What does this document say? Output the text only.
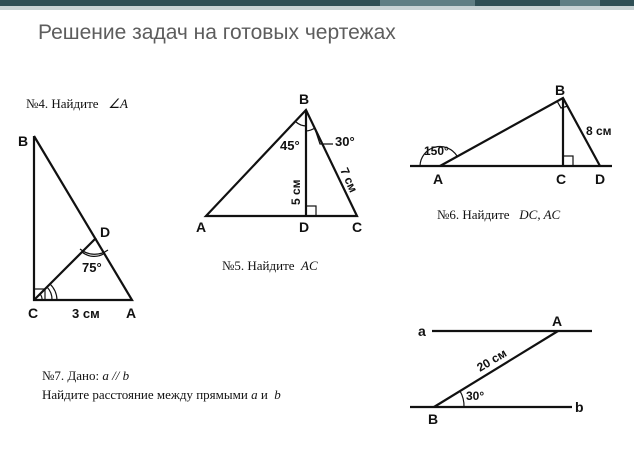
Решение задач на готовых чертежах
№4. Найдите ∠A
№5. Найдите AC
№6. Найдите DC, AC
№7. Дано: a // b
Найдите расстояние между прямыми a и b
B
D
75°
C	3 см A
B
45°	30°
5 см	7 см
A	D	C
B
8 см
150°
A	C D
a
A
20 см
30°
B
b
